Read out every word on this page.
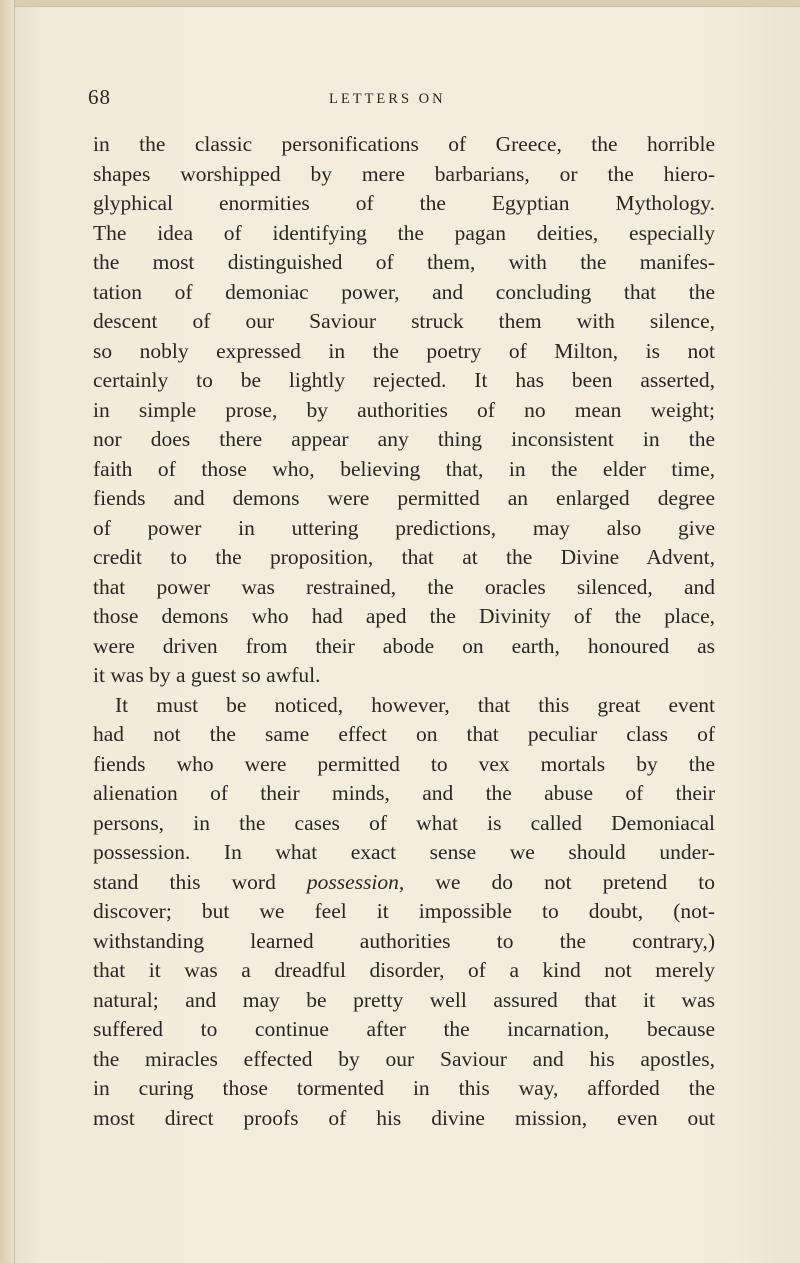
68	LETTERS ON
in the classic personifications of Greece, the horrible
shapes worshipped by mere barbarians, or the hiero-
glyphical enormities of the Egyptian Mythology.
The idea of identifying the pagan deities, especially
the most distinguished of them, with the manifes-
tation of demoniac power, and concluding that the
descent of our Saviour struck them with silence,
so nobly expressed in the poetry of Milton, is not
certainly to be lightly rejected. It has been asserted,
in simple prose, by authorities of no mean weight;
nor does there appear any thing inconsistent in the
faith of those who, believing that, in the elder time,
fiends and demons were permitted an enlarged degree
of power in uttering predictions, may also give
credit to the proposition, that at the Divine Advent,
that power was restrained, the oracles silenced, and
those demons who had aped the Divinity of the place,
were driven from their abode on earth, honoured as
it was by a guest so awful.
It must be noticed, however, that this great event
had not the same effect on that peculiar class of
fiends who were permitted to vex mortals by the
alienation of their minds, and the abuse of their
persons, in the cases of what is called Demoniacal
possession. In what exact sense we should under-
stand this word possession, we do not pretend to
discover; but we feel it impossible to doubt, (not-
withstanding learned authorities to the contrary,)
that it was a dreadful disorder, of a kind not merely
natural; and may be pretty well assured that it was
suffered to continue after the incarnation, because
the miracles effected by our Saviour and his apostles,
in curing those tormented in this way, afforded the
most direct proofs of his divine mission, even out
